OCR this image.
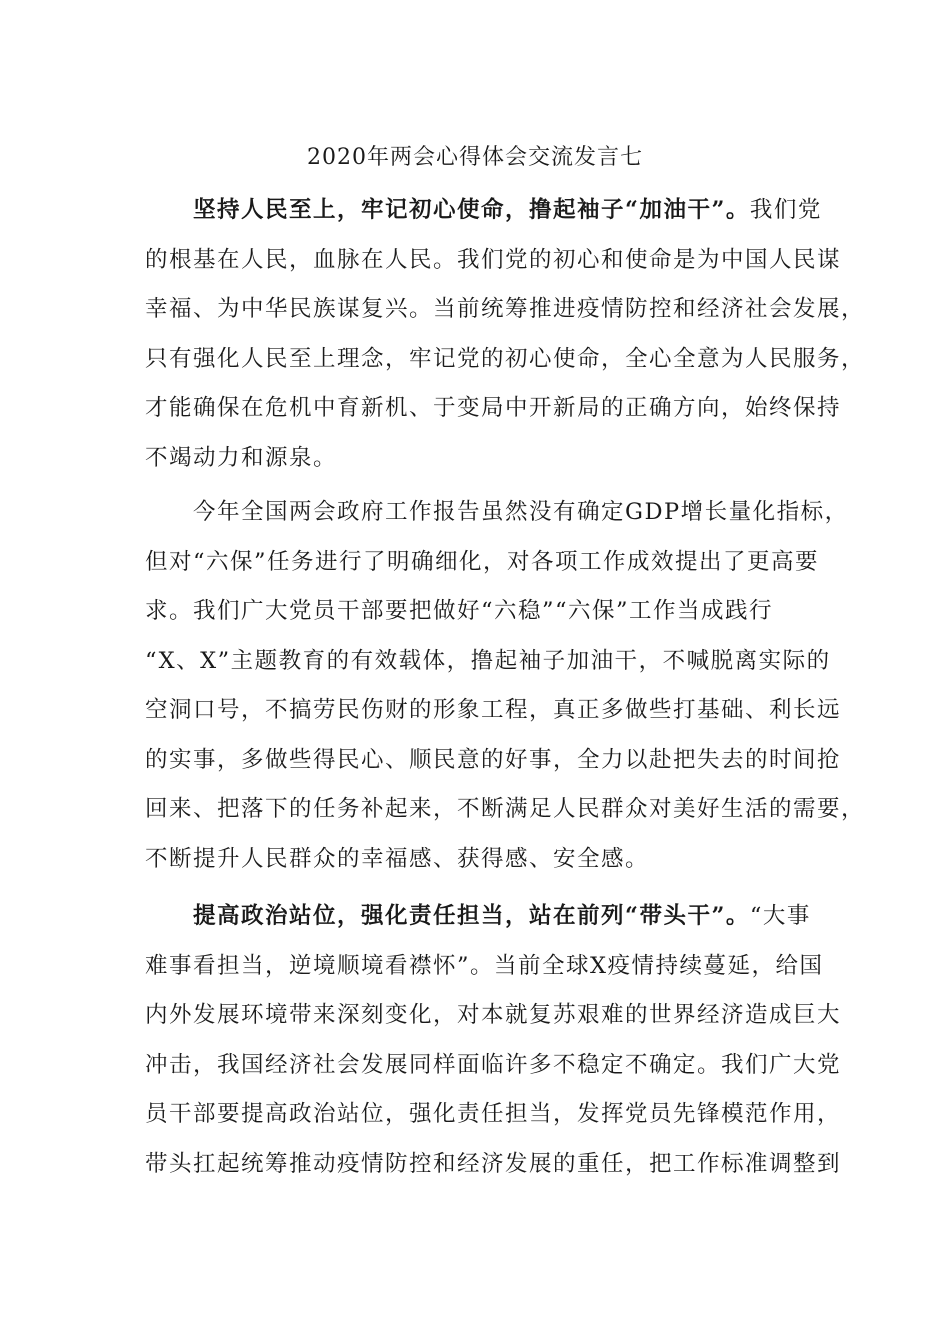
2020年两会心得体会交流发言七
坚持人民至上，牢记初心使命，撸起袖子“加油干”。我们党
的根基在人民，血脉在人民。我们党的初心和使命是为中国人民谋
幸福、为中华民族谋复兴。当前统筹推进疫情防控和经济社会发展，
只有强化人民至上理念，牢记党的初心使命，全心全意为人民服务，
才能确保在危机中育新机、于变局中开新局的正确方向，始终保持
不竭动力和源泉。
今年全国两会政府工作报告虽然没有确定GDP增长量化指标，
但对“六保”任务进行了明确细化，对各项工作成效提出了更高要
求。我们广大党员干部要把做好“六稳”“六保”工作当成践行
“X、X”主题教育的有效载体，撸起袖子加油干，不喊脱离实际的
空洞口号，不搞劳民伤财的形象工程，真正多做些打基础、利长远
的实事，多做些得民心、顺民意的好事，全力以赴把失去的时间抢
回来、把落下的任务补起来，不断满足人民群众对美好生活的需要，
不断提升人民群众的幸福感、获得感、安全感。
提高政治站位，强化责任担当，站在前列“带头干”。“大事
难事看担当，逆境顺境看襟怀”。当前全球X疫情持续蔓延，给国
内外发展环境带来深刻变化，对本就复苏艰难的世界经济造成巨大
冲击，我国经济社会发展同样面临许多不稳定不确定。我们广大党
员干部要提高政治站位，强化责任担当，发挥党员先锋模范作用，
带头扛起统筹推动疫情防控和经济发展的重任，把工作标准调整到
